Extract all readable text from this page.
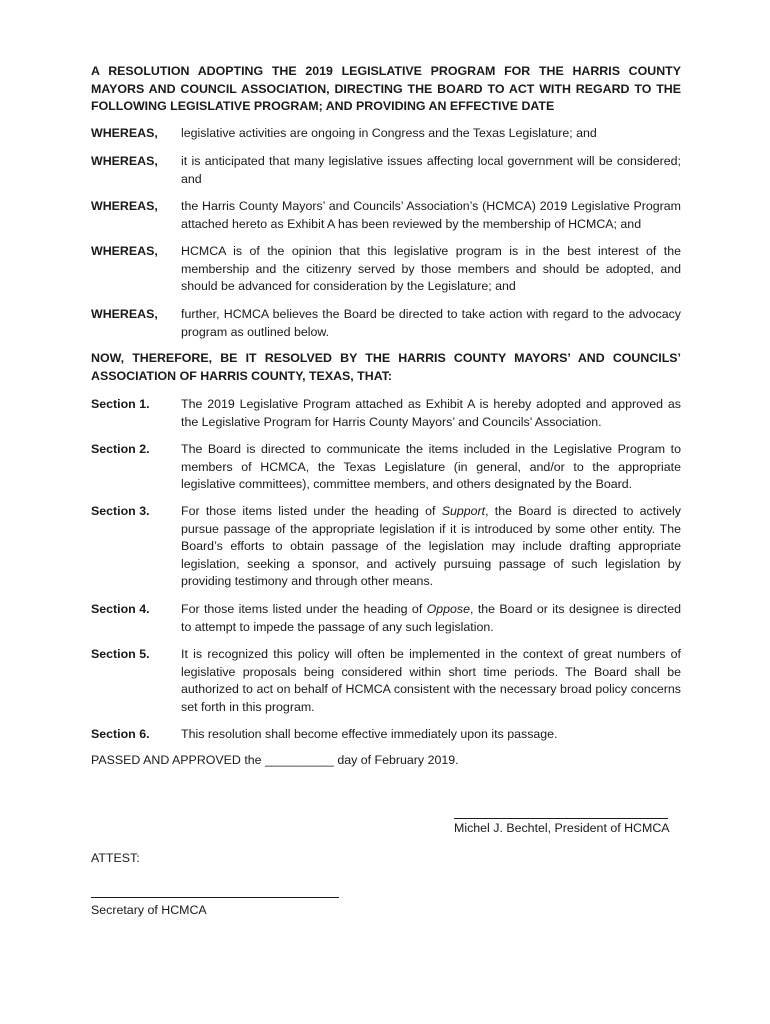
A RESOLUTION ADOPTING THE 2019 LEGISLATIVE PROGRAM FOR THE HARRIS COUNTY MAYORS AND COUNCIL ASSOCIATION, DIRECTING THE BOARD TO ACT WITH REGARD TO THE FOLLOWING LEGISLATIVE PROGRAM; AND PROVIDING AN EFFECTIVE DATE
WHEREAS, legislative activities are ongoing in Congress and the Texas Legislature; and
WHEREAS, it is anticipated that many legislative issues affecting local government will be considered; and
WHEREAS, the Harris County Mayors’ and Councils’ Association’s (HCMCA) 2019 Legislative Program attached hereto as Exhibit A has been reviewed by the membership of HCMCA; and
WHEREAS, HCMCA is of the opinion that this legislative program is in the best interest of the membership and the citizenry served by those members and should be adopted, and should be advanced for consideration by the Legislature; and
WHEREAS, further, HCMCA believes the Board be directed to take action with regard to the advocacy program as outlined below.
NOW, THEREFORE, BE IT RESOLVED BY THE HARRIS COUNTY MAYORS’ AND COUNCILS’ ASSOCIATION OF HARRIS COUNTY, TEXAS, THAT:
Section 1.	The 2019 Legislative Program attached as Exhibit A is hereby adopted and approved as the Legislative Program for Harris County Mayors’ and Councils’ Association.
Section 2.	The Board is directed to communicate the items included in the Legislative Program to members of HCMCA, the Texas Legislature (in general, and/or to the appropriate legislative committees), committee members, and others designated by the Board.
Section 3.	For those items listed under the heading of Support, the Board is directed to actively pursue passage of the appropriate legislation if it is introduced by some other entity. The Board’s efforts to obtain passage of the legislation may include drafting appropriate legislation, seeking a sponsor, and actively pursuing passage of such legislation by providing testimony and through other means.
Section 4.	For those items listed under the heading of Oppose, the Board or its designee is directed to attempt to impede the passage of any such legislation.
Section 5.	It is recognized this policy will often be implemented in the context of great numbers of legislative proposals being considered within short time periods. The Board shall be authorized to act on behalf of HCMCA consistent with the necessary broad policy concerns set forth in this program.
Section 6.	This resolution shall become effective immediately upon its passage.
PASSED AND APPROVED the __________ day of February 2019.
Michel J. Bechtel, President of HCMCA
ATTEST:
Secretary of HCMCA
